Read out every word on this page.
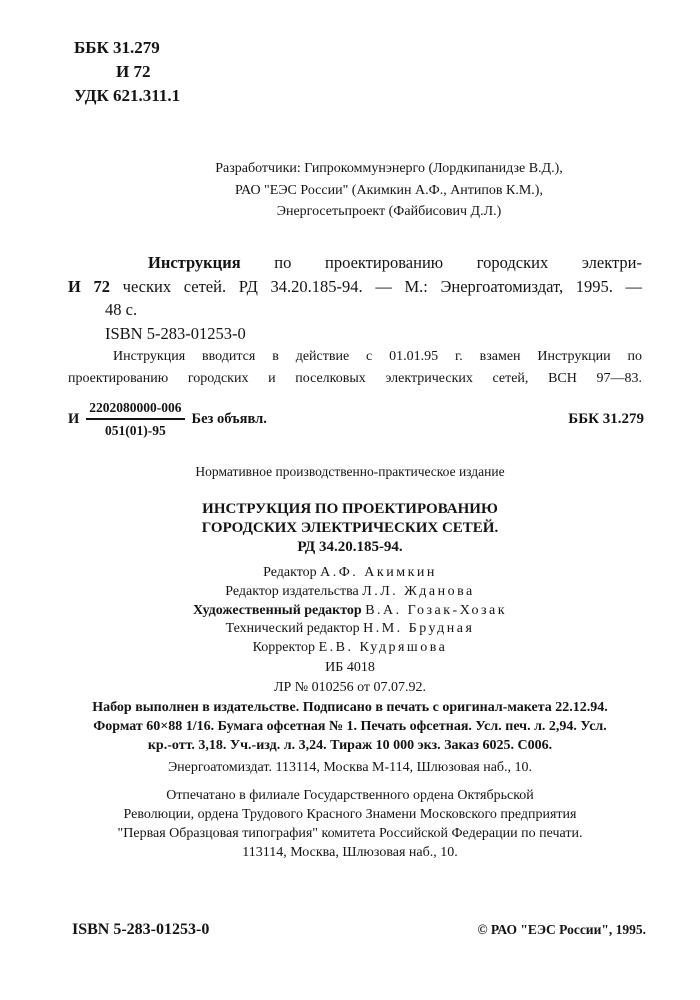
ББК 31.279
И 72
УДК 621.311.1
Разработчики: Гипрокоммунэнерго (Лордкипанидзе В.Д.),
РАО "ЕЭС России" (Акимкин А.Ф., Антипов К.М.),
Энергосетьпроект (Файбисович Д.Л.)
Инструкция по проектированию городских электри-
И 72 ческих сетей. РД 34.20.185-94. — М.: Энергоатомиздат, 1995. —
48 с.
ISBN 5-283-01253-0
Инструкция вводится в действие с 01.01.95 г. взамен Инструкции по
проектированию городских и поселковых электрических сетей, ВСН 97—83.
И $\frac{2202080000-006}{051(01)-95}$ Без объявл.	ББК 31.279
Нормативное производственно-практическое издание
ИНСТРУКЦИЯ ПО ПРОЕКТИРОВАНИЮ
ГОРОДСКИХ ЭЛЕКТРИЧЕСКИХ СЕТЕЙ.
РД 34.20.185-94.
Редактор А.Ф. Акимкин
Редактор издательства Л.Л. Жданова
Художественный редактор В.А. Гозак-Хозак
Технический редактор Н.М. Брудная
Корректор Е.В. Кудряшова
ИБ 4018
ЛР № 010256 от 07.07.92.
Набор выполнен в издательстве. Подписано в печать с оригинал-макета 22.12.94.
Формат 60×88 1/16. Бумага офсетная № 1. Печать офсетная. Усл. печ. л. 2,94. Усл.
кр.-отт. 3,18. Уч.-изд. л. 3,24. Тираж 10 000 экз. Заказ 6025. С006.
Энергоатомиздат. 113114, Москва М-114, Шлюзовая наб., 10.
Отпечатано в филиале Государственного ордена Октябрьской
Революции, ордена Трудового Красного Знамени Московского предприятия
"Первая Образцовая типография" комитета Российской Федерации по печати.
113114, Москва, Шлюзовая наб., 10.
ISBN 5-283-01253-0	© РАО "ЕЭС России", 1995.
